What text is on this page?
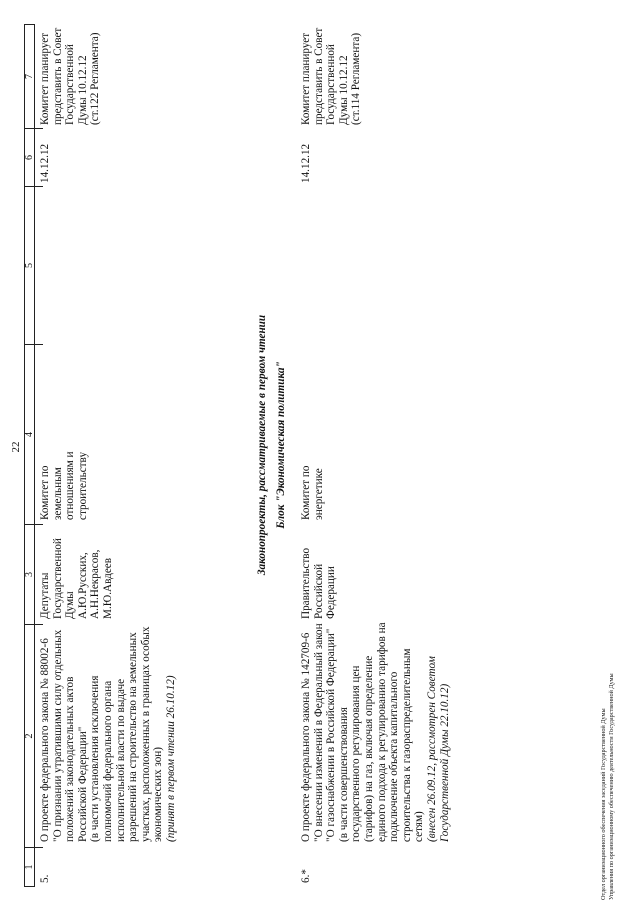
22
1
2
3
4
5
6
7
5.
О проекте федерального закона № 88002-6
"О признании утратившими силу отдельных
положений законодательных актов
Российской Федерации"
(в части установления исключения
полномочий федерального органа
исполнительной власти по выдаче
разрешений на строительство на земельных
участках, расположенных в границах особых
экономических зон) (принят в первом чтении 26.10.12)
Депутаты
Государственной
Думы
А.Ю.Русских,
А.Н.Некрасов,
М.Ю.Авдеев
Комитет по
земельным
отношениям и
строительству
14.12.12
Комитет планирует
представить в Совет
Государственной
Думы 10.12.12
(ст.122 Регламента)
Законопроекты, рассматриваемые в первом чтении Блок "Экономическая политика"
6.*
О проекте федерального закона № 142709-6
"О внесении изменений в Федеральный закон
"О газоснабжении в Российской Федерации"
(в части совершенствования
государственного регулирования цен
(тарифов) на газ, включая определение
единого подхода к регулированию тарифов на
подключение объекта капитального
строительства к газораспределительным
сетям) (внесен 26.09.12, рассмотрен Советом
Государственной Думы 22.10.12)
Правительство
Российской
Федерации
Комитет по
энергетике
14.12.12
Комитет планирует
представить в Совет
Государственной
Думы 10.12.12
(ст.114 Регламента)
Отдел организационного обеспечения заседаний Государственной Думы Управления по организационному обеспечению деятельности Государственной Думы
